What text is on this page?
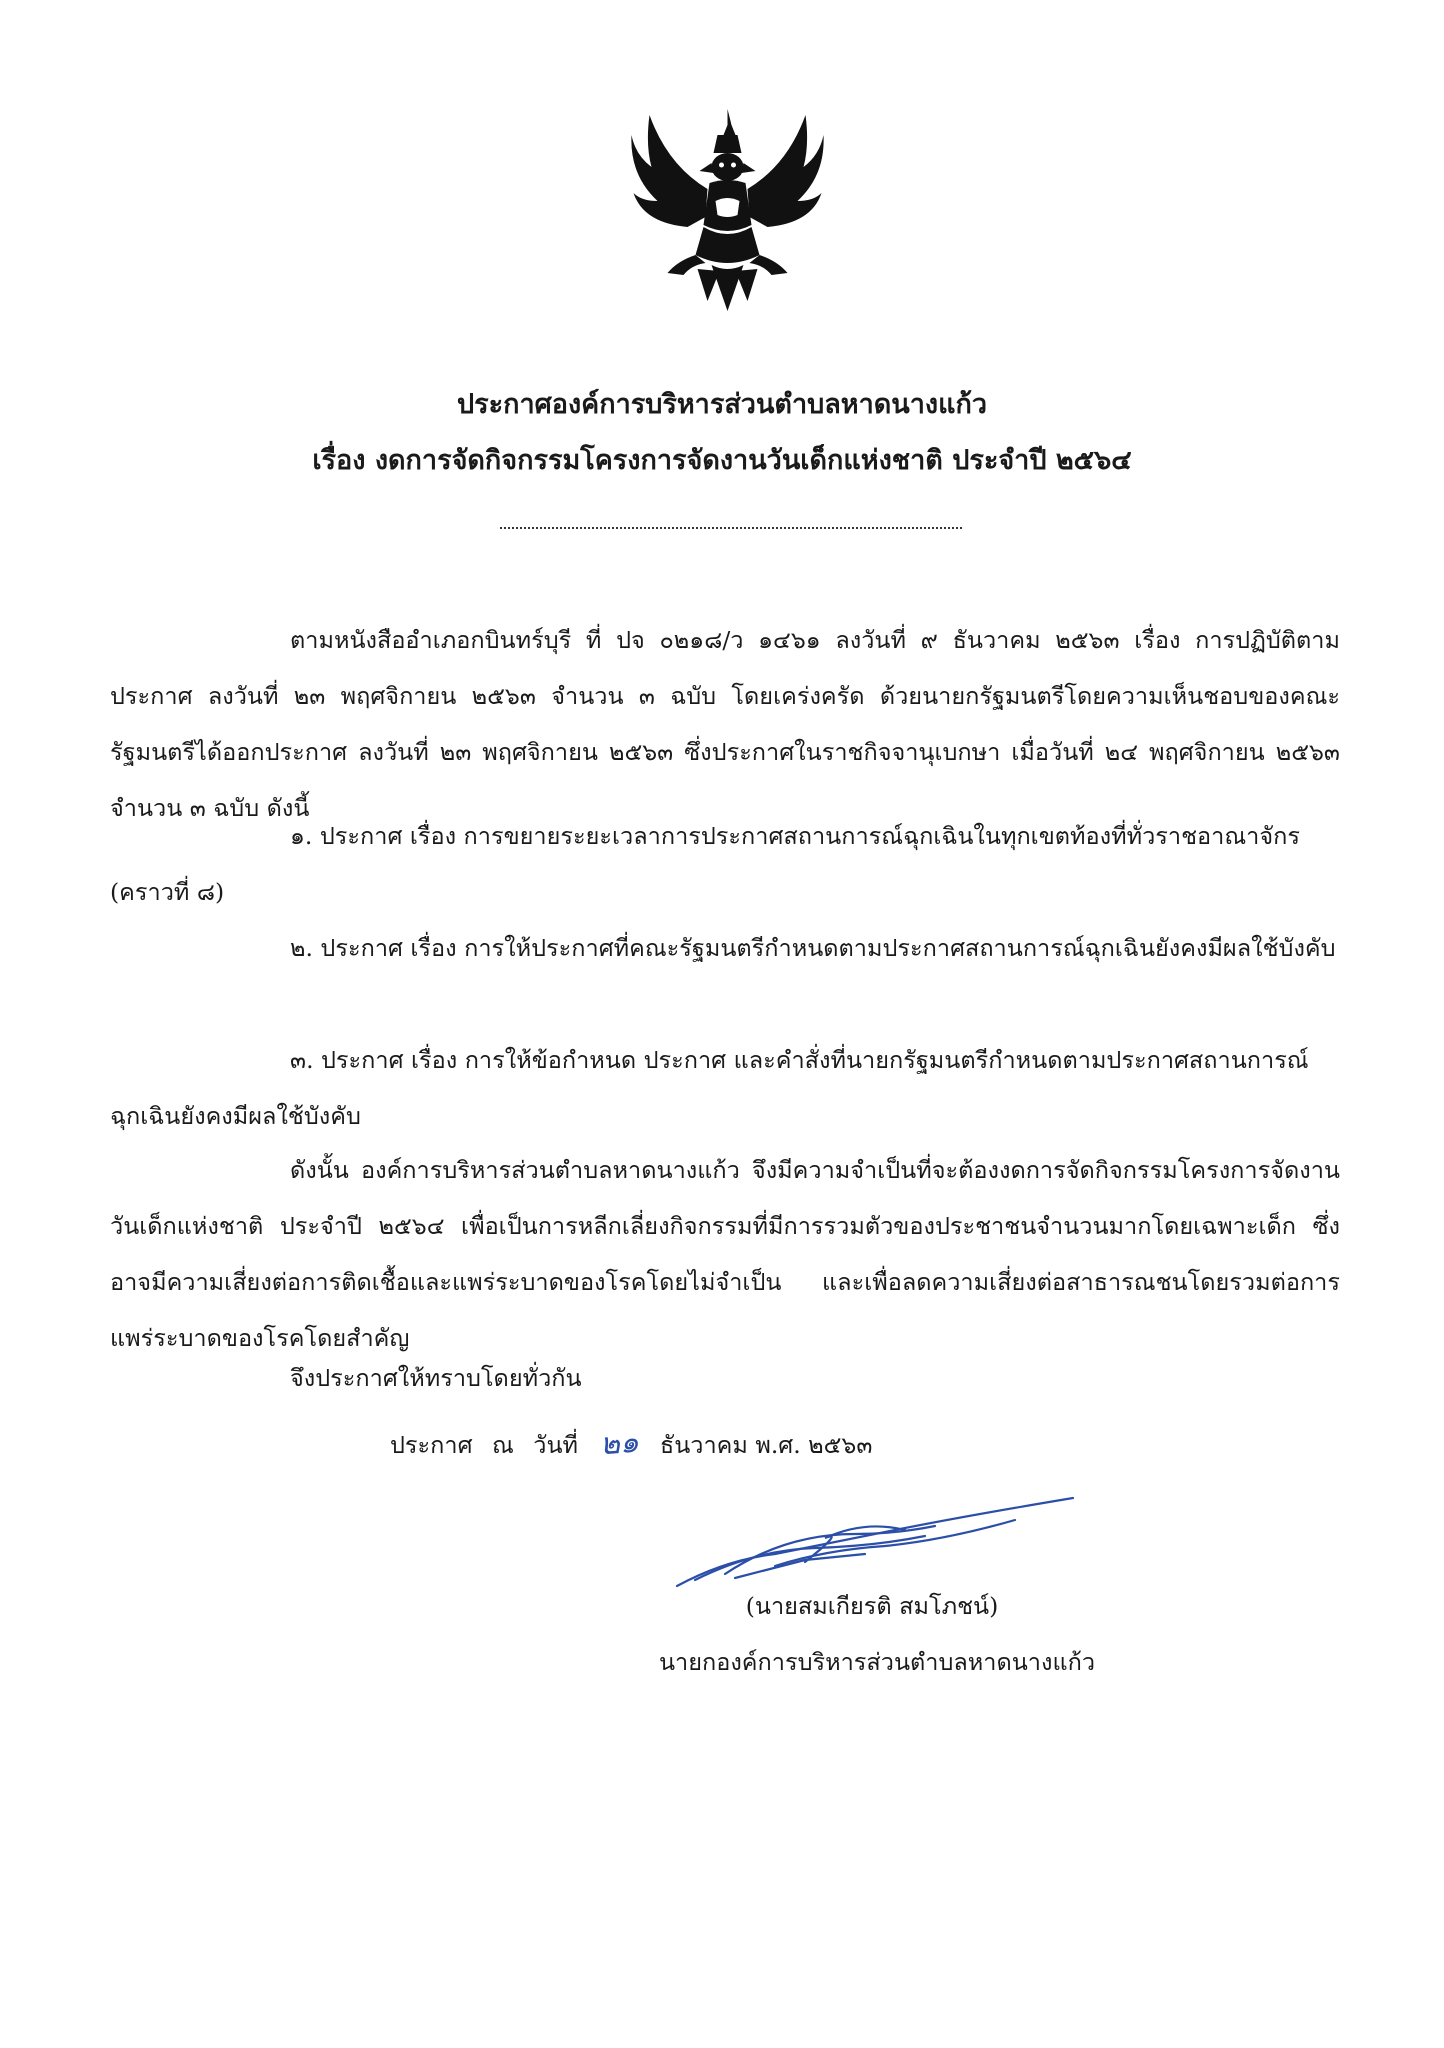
ประกาศองค์การบริหารส่วนตำบลหาดนางแก้ว
เรื่อง งดการจัดกิจกรรมโครงการจัดงานวันเด็กแห่งชาติ ประจำปี ๒๕๖๔

ตามหนังสืออำเภอกบินทร์บุรี ที่ ปจ ๐๒๑๘/ว ๑๔๖๑ ลงวันที่ ๙ ธันวาคม ๒๕๖๓ เรื่อง การปฏิบัติตามประกาศ ลงวันที่ ๒๓ พฤศจิกายน ๒๕๖๓ จำนวน ๓ ฉบับ โดยเคร่งครัด ด้วยนายกรัฐมนตรีโดยความเห็นชอบของคณะรัฐมนตรีได้ออกประกาศ ลงวันที่ ๒๓ พฤศจิกายน ๒๕๖๓ ซึ่งประกาศในราชกิจจานุเบกษา เมื่อวันที่ ๒๔ พฤศจิกายน ๒๕๖๓ จำนวน ๓ ฉบับ ดังนี้

๑. ประกาศ เรื่อง การขยายระยะเวลาการประกาศสถานการณ์ฉุกเฉินในทุกเขตท้องที่ทั่วราชอาณาจักร (คราวที่ ๘)

๒. ประกาศ เรื่อง การให้ประกาศที่คณะรัฐมนตรีกำหนดตามประกาศสถานการณ์ฉุกเฉินยังคงมีผลใช้บังคับ

๓. ประกาศ เรื่อง การให้ข้อกำหนด ประกาศ และคำสั่งที่นายกรัฐมนตรีกำหนดตามประกาศสถานการณ์ฉุกเฉินยังคงมีผลใช้บังคับ

ดังนั้น องค์การบริหารส่วนตำบลหาดนางแก้ว จึงมีความจำเป็นที่จะต้องงดการจัดกิจกรรมโครงการจัดงานวันเด็กแห่งชาติ ประจำปี ๒๕๖๔ เพื่อเป็นการหลีกเลี่ยงกิจกรรมที่มีการรวมตัวของประชาชนจำนวนมากโดยเฉพาะเด็ก ซึ่งอาจมีความเสี่ยงต่อการติดเชื้อและแพร่ระบาดของโรคโดยไม่จำเป็น และเพื่อลดความเสี่ยงต่อสาธารณชนโดยรวมต่อการแพร่ระบาดของโรคโดยสำคัญ

จึงประกาศให้ทราบโดยทั่วกัน
ประกาศ ณ วันที่ ๒๑ ธันวาคม พ.ศ. ๒๕๖๓
(นายสมเกียรติ สมโภชน์)
นายกองค์การบริหารส่วนตำบลหาดนางแก้ว
